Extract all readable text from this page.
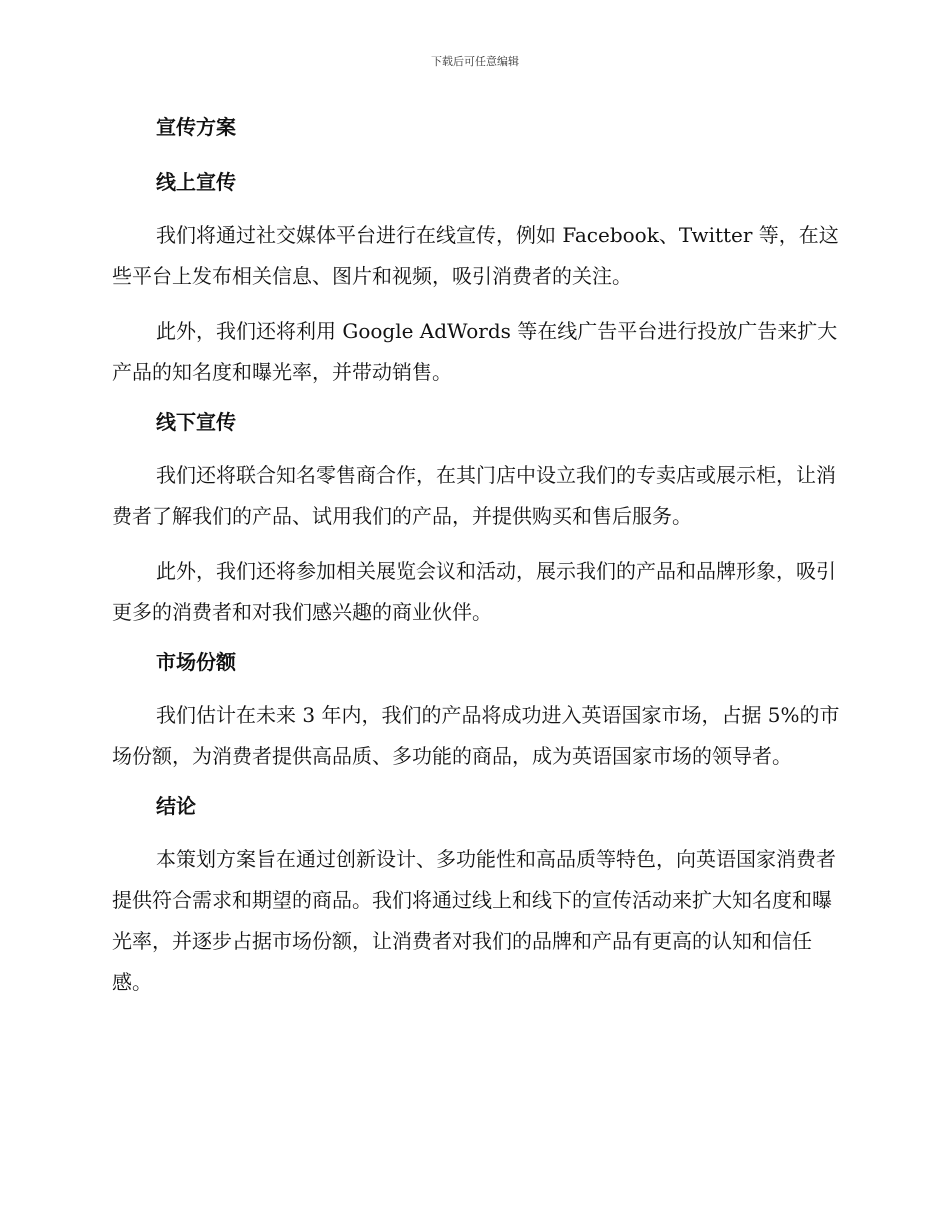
下载后可任意编辑
宣传方案
线上宣传

我们将通过社交媒体平台进行在线宣传，例如 Facebook、Twitter 等，在这些平台上发布相关信息、图片和视频，吸引消费者的关注。

此外，我们还将利用 Google AdWords 等在线广告平台进行投放广告来扩大产品的知名度和曝光率，并带动销售。

线下宣传

我们还将联合知名零售商合作，在其门店中设立我们的专卖店或展示柜，让消费者了解我们的产品、试用我们的产品，并提供购买和售后服务。

此外，我们还将参加相关展览会议和活动，展示我们的产品和品牌形象，吸引更多的消费者和对我们感兴趣的商业伙伴。

市场份额

我们估计在未来 3 年内，我们的产品将成功进入英语国家市场，占据 5%的市场份额，为消费者提供高品质、多功能的商品，成为英语国家市场的领导者。

结论

本策划方案旨在通过创新设计、多功能性和高品质等特色，向英语国家消费者提供符合需求和期望的商品。我们将通过线上和线下的宣传活动来扩大知名度和曝光率，并逐步占据市场份额，让消费者对我们的品牌和产品有更高的认知和信任感。
